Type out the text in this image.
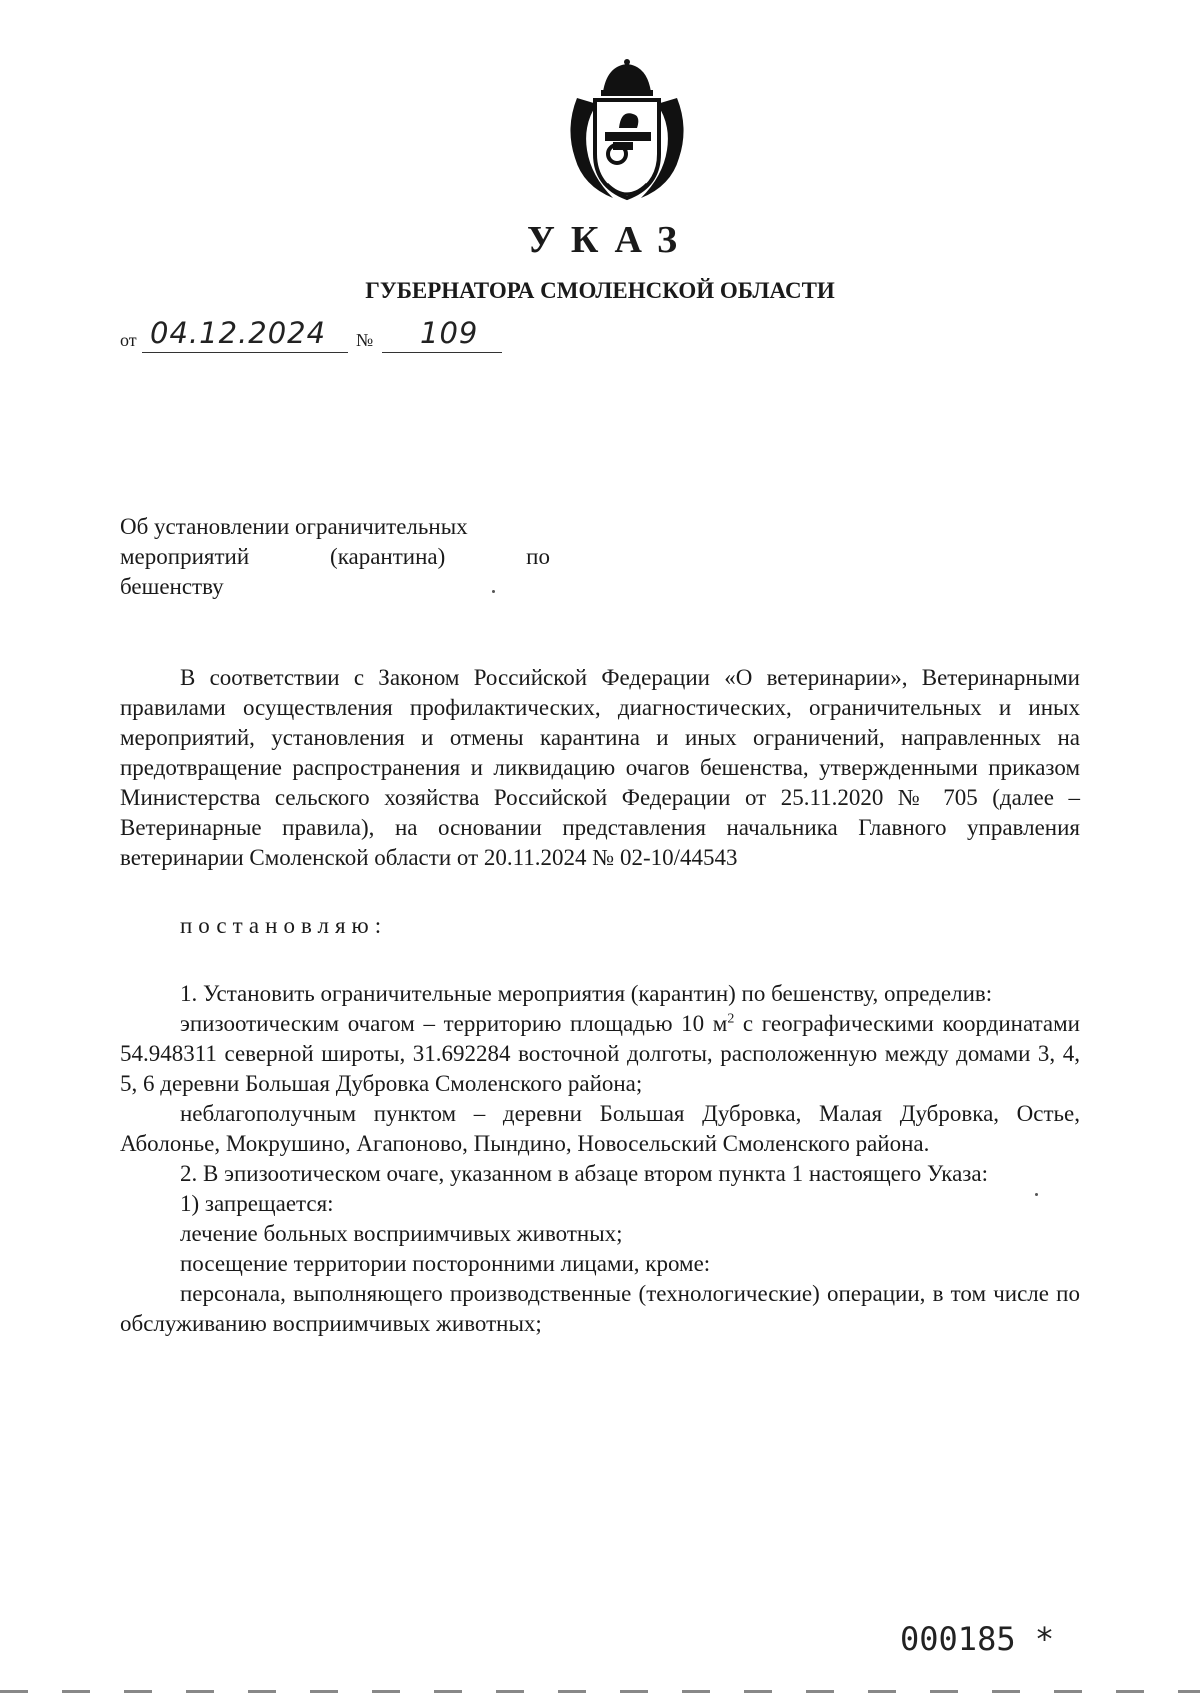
УКАЗ
ГУБЕРНАТОРА СМОЛЕНСКОЙ ОБЛАСТИ
от 04.12.2024 № 109
Об установлении ограничительных
мероприятий	(карантина)	по
бешенству

В соответствии с Законом Российской Федерации «О ветеринарии», Ветеринарными правилами осуществления профилактических, диагностических, ограничительных и иных мероприятий, установления и отмены карантина и иных ограничений, направленных на предотвращение распространения и ликвидацию очагов бешенства, утвержденными приказом Министерства сельского хозяйства Российской Федерации от 25.11.2020 № 705 (далее – Ветеринарные правила), на основании представления начальника Главного управления ветеринарии Смоленской области от 20.11.2024 № 02-10/44543

постановляю:

1. Установить ограничительные мероприятия (карантин) по бешенству, определив:

эпизоотическим очагом – территорию площадью 10 $м^2$ с географическими координатами 54.948311 северной широты, 31.692284 восточной долготы, расположенную между домами 3, 4, 5, 6 деревни Большая Дубровка Смоленского района;

неблагополучным пунктом – деревни Большая Дубровка, Малая Дубровка, Остье, Аболонье, Мокрушино, Агапоново, Пындино, Новосельский Смоленского района.

2. В эпизоотическом очаге, указанном в абзаце втором пункта 1 настоящего Указа:

1) запрещается:

лечение больных восприимчивых животных;

посещение территории посторонними лицами, кроме:

персонала, выполняющего производственные (технологические) операции, в том числе по обслуживанию восприимчивых животных;

000185 *
